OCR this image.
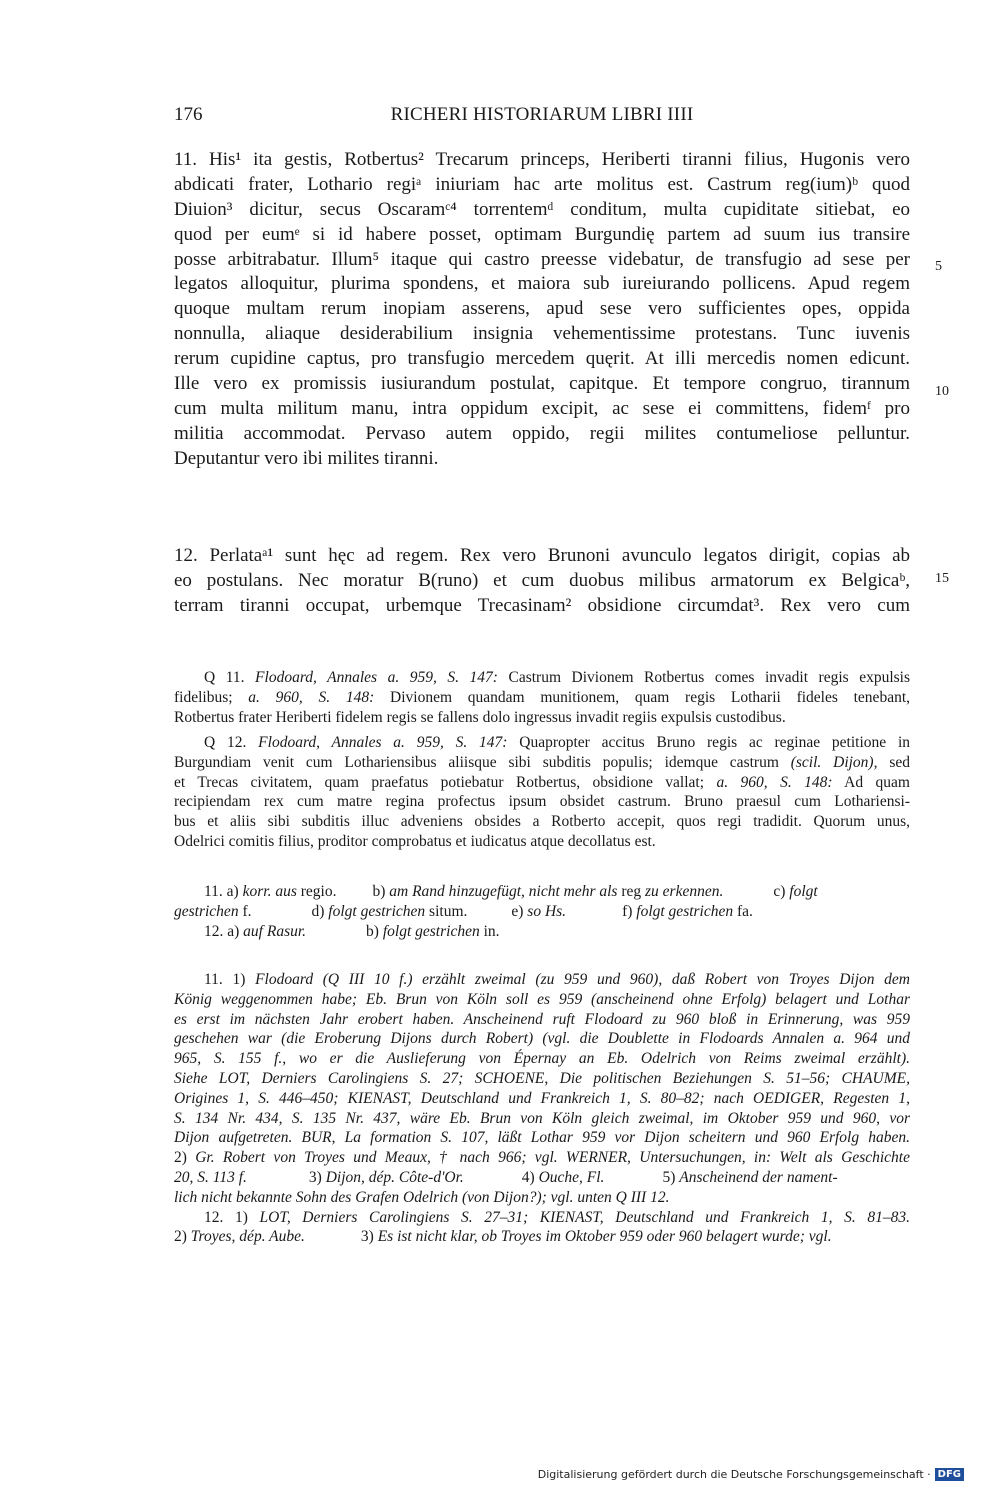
176	RICHERI HISTORIARUM LIBRI IIII
11. His¹ ita gestis, Rotbertus² Trecarum princeps, Heriberti tiranni filius, Hugonis vero
abdicati frater, Lothario regiᵃ iniuriam hac arte molitus est. Castrum reg(ium)ᵇ quod
Diuion³ dicitur, secus Oscaramᶜ⁴ torrentemᵈ conditum, multa cupiditate sitiebat, eo
quod per eumᵉ si id habere posset, optimam Burgundię partem ad suum ius transire
posse arbitrabatur. Illum⁵ itaque qui castro preesse videbatur, de transfugio ad sese per
legatos alloquitur, plurima spondens, et maiora sub iureiurando pollicens. Apud regem
quoque multam rerum inopiam asserens, apud sese vero sufficientes opes, oppida
nonnulla, aliaque desiderabilium insignia vehementissime protestans. Tunc iuvenis
rerum cupidine captus, pro transfugio mercedem quęrit. At illi mercedis nomen edicunt.
Ille vero ex promissis iusiurandum postulat, capitque. Et tempore congruo, tirannum
cum multa militum manu, intra oppidum excipit, ac sese ei committens, fidemᶠ pro
militia accommodat. Pervaso autem oppido, regii milites contumeliose pelluntur.
Deputantur vero ibi milites tiranni.
12. Perlataᵃ¹ sunt hęc ad regem. Rex vero Brunoni avunculo legatos dirigit, copias ab
eo postulans. Nec moratur B(runo) et cum duobus milibus armatorum ex Belgicaᵇ,
terram tiranni occupat, urbemque Trecasinam² obsidione circumdat³. Rex vero cum
5
10
15
Q 11. Flodoard, Annales a. 959, S. 147: Castrum Divionem Rotbertus comes invadit regis expulsis
fidelibus; a. 960, S. 148: Divionem quandam munitionem, quam regis Lotharii fideles tenebant,
Rotbertus frater Heriberti fidelem regis se fallens dolo ingressus invadit regiis expulsis custodibus.
Q 12. Flodoard, Annales a. 959, S. 147: Quapropter accitus Bruno regis ac reginae petitione in
Burgundiam venit cum Lothariensibus aliisque sibi subditis populis; idemque castrum (scil. Dijon), sed
et Trecas civitatem, quam praefatus potiebatur Rotbertus, obsidione vallat; a. 960, S. 148: Ad quam
recipiendam rex cum matre regina profectus ipsum obsidet castrum. Bruno praesul cum Lothariensi-
bus et aliis sibi subditis illuc adveniens obsides a Rotberto accepit, quos regi tradidit. Quorum unus,
Odelrici comitis filius, proditor comprobatus et iudicatus atque decollatus est.
11. a) korr. aus regio. b) am Rand hinzugefügt, nicht mehr als reg zu erkennen.	c) folgt
gestrichen f.	d) folgt gestrichen situm.	e) so Hs.	f) folgt gestrichen fa.
12. a) auf Rasur.	b) folgt gestrichen in.
11. 1) Flodoard (Q III 10 f.) erzählt zweimal (zu 959 und 960), daß Robert von Troyes Dijon dem
König weggenommen habe; Eb. Brun von Köln soll es 959 (anscheinend ohne Erfolg) belagert und Lothar
es erst im nächsten Jahr erobert haben. Anscheinend ruft Flodoard zu 960 bloß in Erinnerung, was 959
geschehen war (die Eroberung Dijons durch Robert) (vgl. die Doublette in Flodoards Annalen a. 964 und
965, S. 155 f., wo er die Auslieferung von Épernay an Eb. Odelrich von Reims zweimal erzählt).
Siehe LOT, Derniers Carolingiens S. 27; SCHOENE, Die politischen Beziehungen S. 51–56; CHAUME,
Origines 1, S. 446–450; KIENAST, Deutschland und Frankreich 1, S. 80–82; nach OEDIGER, Regesten 1,
S. 134 Nr. 434, S. 135 Nr. 437, wäre Eb. Brun von Köln gleich zweimal, im Oktober 959 und 960, vor
Dijon aufgetreten. BUR, La formation S. 107, läßt Lothar 959 vor Dijon scheitern und 960 Erfolg haben.
2) Gr. Robert von Troyes und Meaux, † nach 966; vgl. WERNER, Untersuchungen, in: Welt als Geschichte
20, S. 113 f.	3) Dijon, dép. Côte-d'Or.	4) Ouche, Fl.	5) Anscheinend der nament-
lich nicht bekannte Sohn des Grafen Odelrich (von Dijon?); vgl. unten Q III 12.
12. 1) LOT, Derniers Carolingiens S. 27–31; KIENAST, Deutschland und Frankreich 1, S. 81–83.
2) Troyes, dép. Aube.	3) Es ist nicht klar, ob Troyes im Oktober 959 oder 960 belagert wurde; vgl.
Digitalisierung gefördert durch die Deutsche Forschungsgemeinschaft · DFG
